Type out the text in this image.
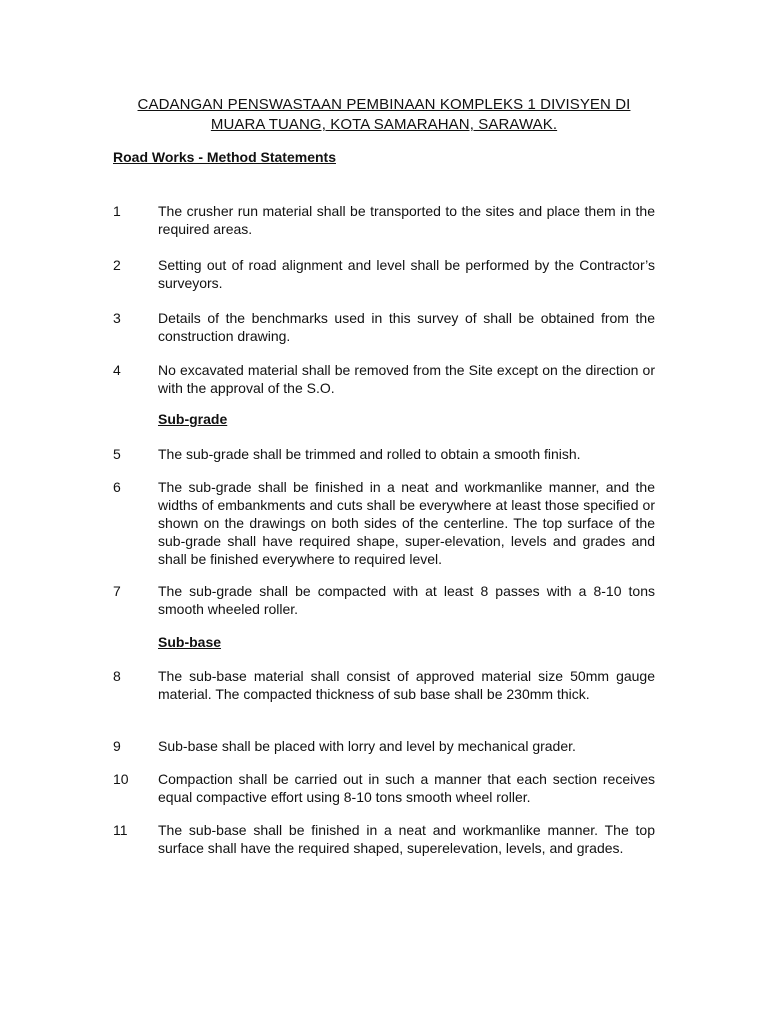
CADANGAN PENSWASTAAN PEMBINAAN KOMPLEKS 1 DIVISYEN DI
MUARA TUANG, KOTA SAMARAHAN, SARAWAK.
Road Works - Method Statements
1	The crusher run material shall be transported to the sites and place them in the required areas.
2	Setting out of road alignment and level shall be performed by the Contractor’s surveyors.
3	Details of the benchmarks used in this survey of shall be obtained from the construction drawing.
4	No excavated material shall be removed from the Site except on the direction or with the approval of the S.O.
Sub-grade
5	The sub-grade shall be trimmed and rolled to obtain a smooth finish.
6	The sub-grade shall be finished in a neat and workmanlike manner, and the widths of embankments and cuts shall be everywhere at least those specified or shown on the drawings on both sides of the centerline. The top surface of the sub-grade shall have required shape, super-elevation, levels and grades and shall be finished everywhere to required level.
7	The sub-grade shall be compacted with at least 8 passes with a 8-10 tons smooth wheeled roller.
Sub-base
8	The sub-base material shall consist of approved material size 50mm gauge material. The compacted thickness of sub base shall be 230mm thick.
9	Sub-base shall be placed with lorry and level by mechanical grader.
10	Compaction shall be carried out in such a manner that each section receives equal compactive effort using 8-10 tons smooth wheel roller.
11	The sub-base shall be finished in a neat and workmanlike manner. The top surface shall have the required shaped, superelevation, levels, and grades.
